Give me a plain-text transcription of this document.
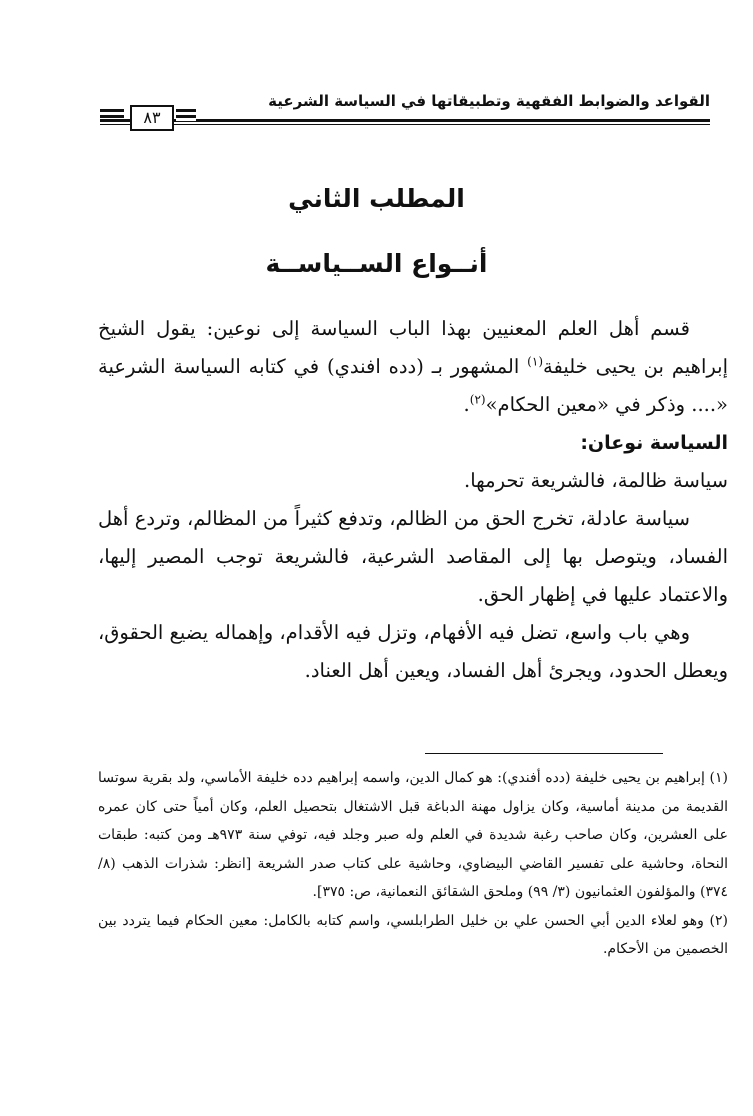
القواعد والضوابط الفقهية وتطبيقاتها في السياسة الشرعية
٨٣
المطلب الثاني
أنــواع الســياســة

قسم أهل العلم المعنيين بهذا الباب السياسة إلى نوعين: يقول الشيخ إبراهيم بن يحيى خليفة$^{(١)}$ المشهور بـ (دده افندي) في كتابه السياسة الشرعية «.... وذكر في «معين الحكام»$^{(٢)}$.

السياسة نوعان:

سياسة ظالمة، فالشريعة تحرمها.

سياسة عادلة، تخرج الحق من الظالم، وتدفع كثيراً من المظالم، وتردع أهل الفساد، ويتوصل بها إلى المقاصد الشرعية، فالشريعة توجب المصير إليها، والاعتماد عليها في إظهار الحق.

وهي باب واسع، تضل فيه الأفهام، وتزل فيه الأقدام، وإهماله يضيع الحقوق، ويعطل الحدود، ويجرئ أهل الفساد، ويعين أهل العناد.

(١) إبراهيم بن يحيى خليفة (دده أفندي): هو كمال الدين، واسمه إبراهيم دده خليفة الأماسي، ولد بقرية سوتسا القديمة من مدينة أماسية، وكان يزاول مهنة الدباغة قبل الاشتغال بتحصيل العلم، وكان أمياً حتى كان عمره على العشرين، وكان صاحب رغبة شديدة في العلم وله صبر وجلد فيه، توفي سنة ٩٧٣هـ ومن كتبه: طبقات النحاة، وحاشية على تفسير القاضي البيضاوي، وحاشية على كتاب صدر الشريعة [انظر: شذرات الذهب (٨/ ٣٧٤) والمؤلفون العثمانيون (٣/ ٩٩) وملحق الشقائق النعمانية، ص: ٣٧٥].

(٢) وهو لعلاء الدين أبي الحسن علي بن خليل الطرابلسي، واسم كتابه بالكامل: معين الحكام فيما يتردد بين الخصمين من الأحكام.
